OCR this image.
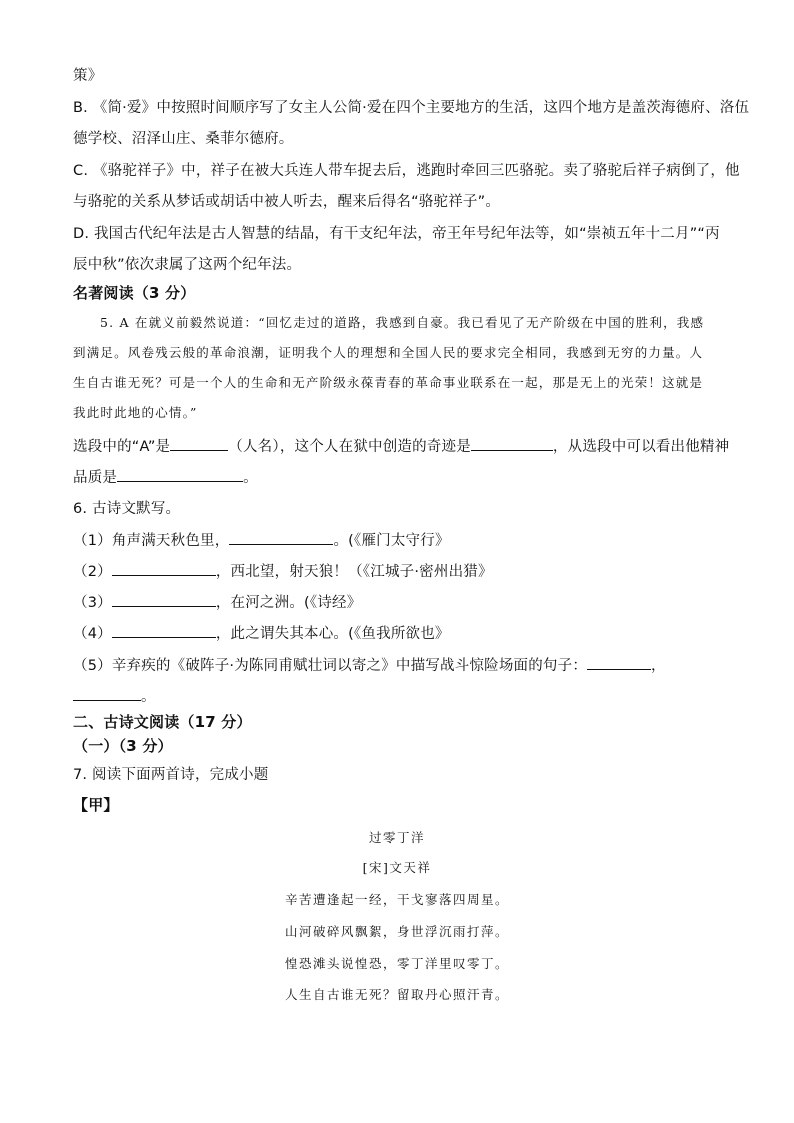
策》
B. 《简·爱》中按照时间顺序写了女主人公简·爱在四个主要地方的生活，这四个地方是盖茨海德府、洛伍
德学校、沼泽山庄、桑菲尔德府。
C. 《骆驼祥子》中，祥子在被大兵连人带车捉去后，逃跑时牵回三匹骆驼。卖了骆驼后祥子病倒了，他
与骆驼的关系从梦话或胡话中被人听去，醒来后得名“骆驼祥子”。
D. 我国古代纪年法是古人智慧的结晶，有干支纪年法，帝王年号纪年法等，如“崇祯五年十二月”“丙
辰中秋”依次隶属了这两个纪年法。
名著阅读（3 分）
5. A 在就义前毅然说道：“回忆走过的道路，我感到自豪。我已看见了无产阶级在中国的胜利，我感
到满足。风卷残云般的革命浪潮，证明我个人的理想和全国人民的要求完全相同，我感到无穷的力量。人
生自古谁无死？可是一个人的生命和无产阶级永葆青春的革命事业联系在一起，那是无上的光荣！这就是
我此时此地的心情。”
选段中的“A”是	（人名），这个人在狱中创造的奇迹是	，从选段中可以看出他精神
品质是	。
6. 古诗文默写。
（1）角声满天秋色里，	。(《雁门太守行》
（2）	，西北望，射天狼！（《江城子·密州出猎》
（3）	，在河之洲。(《诗经》
（4）	，此之谓失其本心。(《鱼我所欲也》
（5）辛弃疾的《破阵子·为陈同甫赋壮词以寄之》中描写战斗惊险场面的句子：	，
。
二、古诗文阅读（17 分）
（一）（3 分）
7. 阅读下面两首诗，完成小题
【甲】
过零丁洋
[宋]文天祥
辛苦遭逢起一经，干戈寥落四周星。
山河破碎风飘絮，身世浮沉雨打萍。
惶恐滩头说惶恐，零丁洋里叹零丁。
人生自古谁无死？留取丹心照汗青。
